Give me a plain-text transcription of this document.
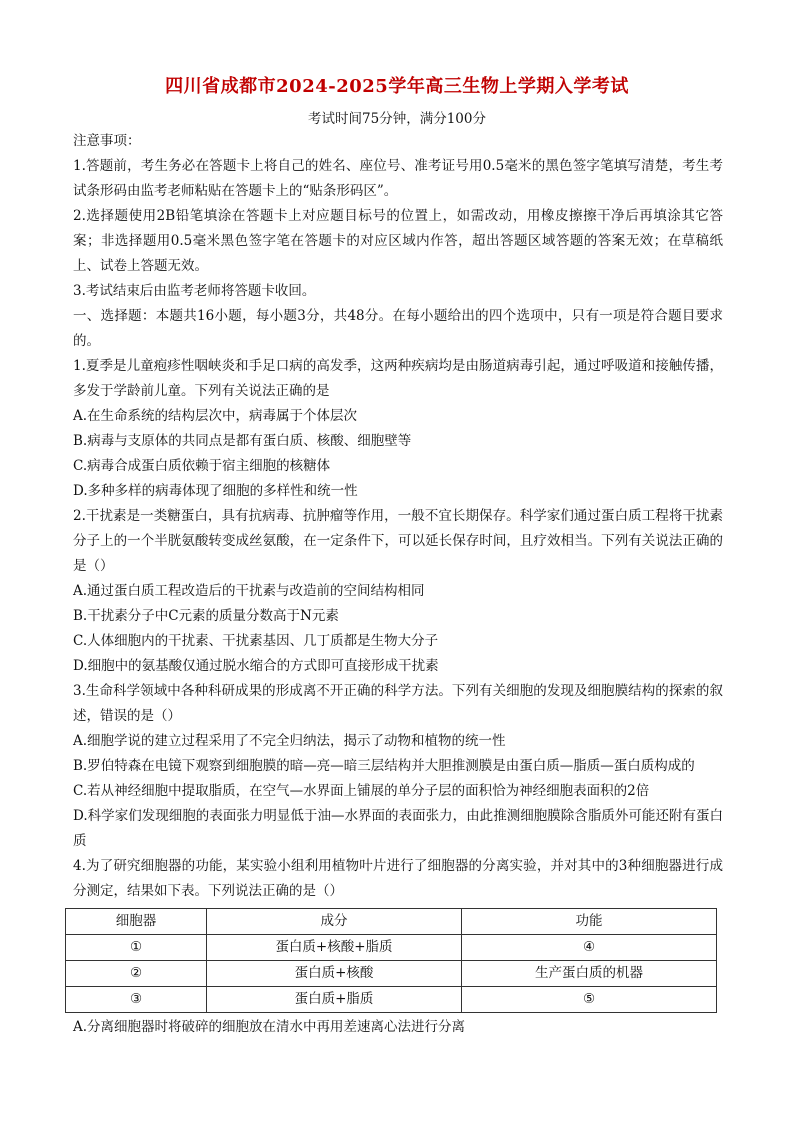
四川省成都市2024-2025学年高三生物上学期入学考试
考试时间75分钟，满分100分

注意事项：

1.答题前，考生务必在答题卡上将自己的姓名、座位号、准考证号用0.5毫米的黑色签字笔填写清楚，考生考试条形码由监考老师粘贴在答题卡上的“贴条形码区”。

2.选择题使用2B铅笔填涂在答题卡上对应题目标号的位置上，如需改动，用橡皮擦擦干净后再填涂其它答案；非选择题用0.5毫米黑色签字笔在答题卡的对应区域内作答，超出答题区域答题的答案无效；在草稿纸上、试卷上答题无效。

3.考试结束后由监考老师将答题卡收回。

一、选择题：本题共16小题，每小题3分，共48分。在每小题给出的四个选项中，只有一项是符合题目要求的。

1.夏季是儿童疱疹性咽峡炎和手足口病的高发季，这两种疾病均是由肠道病毒引起，通过呼吸道和接触传播，多发于学龄前儿童。下列有关说法正确的是

A.在生命系统的结构层次中，病毒属于个体层次

B.病毒与支原体的共同点是都有蛋白质、核酸、细胞壁等

C.病毒合成蛋白质依赖于宿主细胞的核糖体

D.多种多样的病毒体现了细胞的多样性和统一性

2.干扰素是一类糖蛋白，具有抗病毒、抗肿瘤等作用，一般不宜长期保存。科学家们通过蛋白质工程将干扰素分子上的一个半胱氨酸转变成丝氨酸，在一定条件下，可以延长保存时间，且疗效相当。下列有关说法正确的是（）

A.通过蛋白质工程改造后的干扰素与改造前的空间结构相同

B.干扰素分子中C元素的质量分数高于N元素

C.人体细胞内的干扰素、干扰素基因、几丁质都是生物大分子

D.细胞中的氨基酸仅通过脱水缩合的方式即可直接形成干扰素

3.生命科学领域中各种科研成果的形成离不开正确的科学方法。下列有关细胞的发现及细胞膜结构的探索的叙述，错误的是（）

A.细胞学说的建立过程采用了不完全归纳法，揭示了动物和植物的统一性

B.罗伯特森在电镜下观察到细胞膜的暗—亮—暗三层结构并大胆推测膜是由蛋白质—脂质—蛋白质构成的

C.若从神经细胞中提取脂质，在空气—水界面上铺展的单分子层的面积恰为神经细胞表面积的2倍

D.科学家们发现细胞的表面张力明显低于油—水界面的表面张力，由此推测细胞膜除含脂质外可能还附有蛋白质

4.为了研究细胞器的功能，某实验小组利用植物叶片进行了细胞器的分离实验，并对其中的3种细胞器进行成分测定，结果如下表。下列说法正确的是（）

细胞器	成分	功能
①	蛋白质+核酸+脂质	④
②	蛋白质+核酸	生产蛋白质的机器
③	蛋白质+脂质	⑤

A.分离细胞器时将破碎的细胞放在清水中再用差速离心法进行分离
